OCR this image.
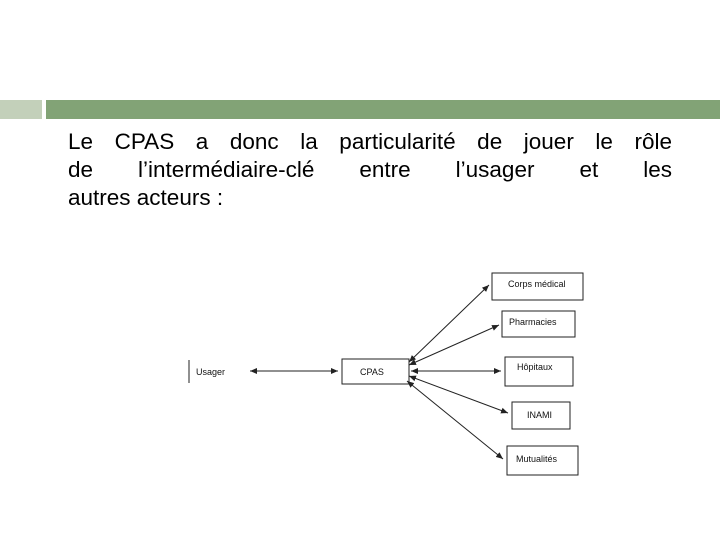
Le CPAS a donc la particularité de jouer le rôle
de l’intermédiaire-clé entre l’usager et les
autres acteurs :

Usager	CPAS
Corps médical
Pharmacies
Hôpitaux
INAMI
Mutualités
